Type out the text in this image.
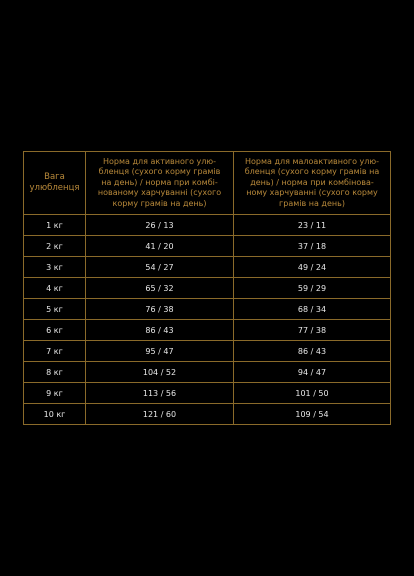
Вага
улюбленця	Норма для активного улю-
бленця (сухого корму грамів
на день) / норма при комбі-
нованому харчуванні (сухого
корму грамів на день)	Норма для малоактивного улю-
бленця (сухого корму грамів на
день) / норма при комбінова-
ному харчуванні (сухого корму
грамів на день)

1 кг	26 / 13	23 / 11
2 кг	41 / 20	37 / 18
3 кг	54 / 27	49 / 24
4 кг	65 / 32	59 / 29
5 кг	76 / 38	68 / 34
6 кг	86 / 43	77 / 38
7 кг	95 / 47	86 / 43
8 кг	104 / 52	94 / 47
9 кг	113 / 56	101 / 50
10 кг	121 / 60	109 / 54
